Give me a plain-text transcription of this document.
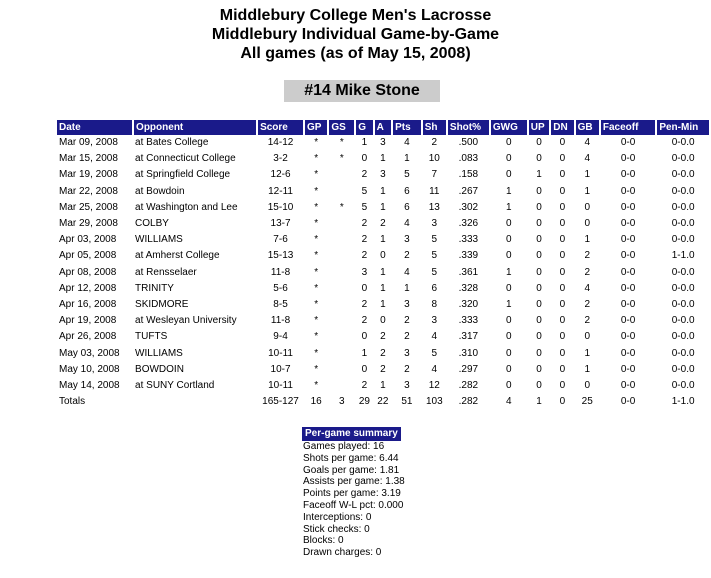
Middlebury College Men's Lacrosse
Middlebury Individual Game-by-Game
All games (as of May 15, 2008)
#14 Mike Stone
Date	Opponent	Score	GP	GS	G	A	Pts	Sh	Shot%	GWG	UP	DN	GB	Faceoff	Pen-Min
Mar 09, 2008	at Bates College	14-12	*	*	1	3	4	2	.500	0	0	0	4	0-0	0-0.0
Mar 15, 2008	at Connecticut College	3-2	*	*	0	1	1	10	.083	0	0	0	4	0-0	0-0.0
Mar 19, 2008	at Springfield College	12-6	*		2	3	5	7	.158	0	1	0	1	0-0	0-0.0
Mar 22, 2008	at Bowdoin	12-11	*		5	1	6	11	.267	1	0	0	1	0-0	0-0.0
Mar 25, 2008	at Washington and Lee	15-10	*	*	5	1	6	13	.302	1	0	0	0	0-0	0-0.0
Mar 29, 2008	COLBY	13-7	*		2	2	4	3	.326	0	0	0	0	0-0	0-0.0
Apr 03, 2008	WILLIAMS	7-6	*		2	1	3	5	.333	0	0	0	1	0-0	0-0.0
Apr 05, 2008	at Amherst College	15-13	*		2	0	2	5	.339	0	0	0	2	0-0	1-1.0
Apr 08, 2008	at Rensselaer	11-8	*		3	1	4	5	.361	1	0	0	2	0-0	0-0.0
Apr 12, 2008	TRINITY	5-6	*		0	1	1	6	.328	0	0	0	4	0-0	0-0.0
Apr 16, 2008	SKIDMORE	8-5	*		2	1	3	8	.320	1	0	0	2	0-0	0-0.0
Apr 19, 2008	at Wesleyan University	11-8	*		2	0	2	3	.333	0	0	0	2	0-0	0-0.0
Apr 26, 2008	TUFTS	9-4	*		0	2	2	4	.317	0	0	0	0	0-0	0-0.0
May 03, 2008	WILLIAMS	10-11	*		1	2	3	5	.310	0	0	0	1	0-0	0-0.0
May 10, 2008	BOWDOIN	10-7	*		0	2	2	4	.297	0	0	0	1	0-0	0-0.0
May 14, 2008	at SUNY Cortland	10-11	*		2	1	3	12	.282	0	0	0	0	0-0	0-0.0
Totals		165-127	16	3	29	22	51	103	.282	4	1	0	25	0-0	1-1.0
Per-game summary
Games played: 16
Shots per game: 6.44
Goals per game: 1.81
Assists per game: 1.38
Points per game: 3.19
Faceoff W-L pct: 0.000
Interceptions: 0
Stick checks: 0
Blocks: 0
Drawn charges: 0
